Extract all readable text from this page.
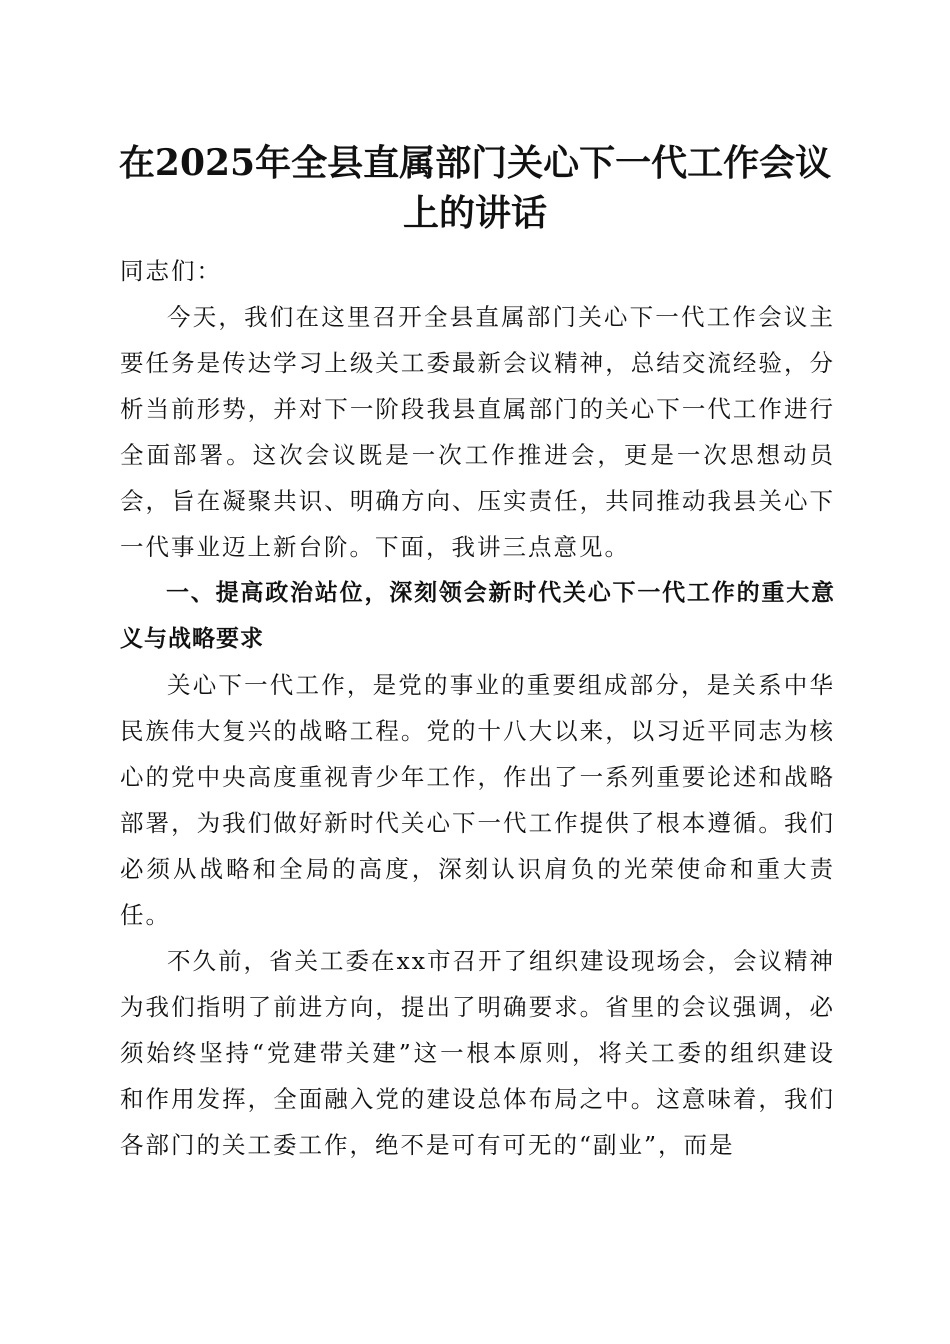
在2025年全县直属部门关心下一代工作会议
上的讲话

同志们：

今天，我们在这里召开全县直属部门关心下一代工作会议主要任务是传达学习上级关工委最新会议精神，总结交流经验，分析当前形势，并对下一阶段我县直属部门的关心下一代工作进行全面部署。这次会议既是一次工作推进会，更是一次思想动员会，旨在凝聚共识、明确方向、压实责任，共同推动我县关心下一代事业迈上新台阶。下面，我讲三点意见。

一、提高政治站位，深刻领会新时代关心下一代工作的重大意义与战略要求

关心下一代工作，是党的事业的重要组成部分，是关系中华民族伟大复兴的战略工程。党的十八大以来，以习近平同志为核心的党中央高度重视青少年工作，作出了一系列重要论述和战略部署，为我们做好新时代关心下一代工作提供了根本遵循。我们必须从战略和全局的高度，深刻认识肩负的光荣使命和重大责任。

不久前，省关工委在xx市召开了组织建设现场会，会议精神为我们指明了前进方向，提出了明确要求。省里的会议强调，必须始终坚持“党建带关建”这一根本原则，将关工委的组织建设和作用发挥，全面融入党的建设总体布局之中。这意味着，我们各部门的关工委工作，绝不是可有可无的“副业”，而是
